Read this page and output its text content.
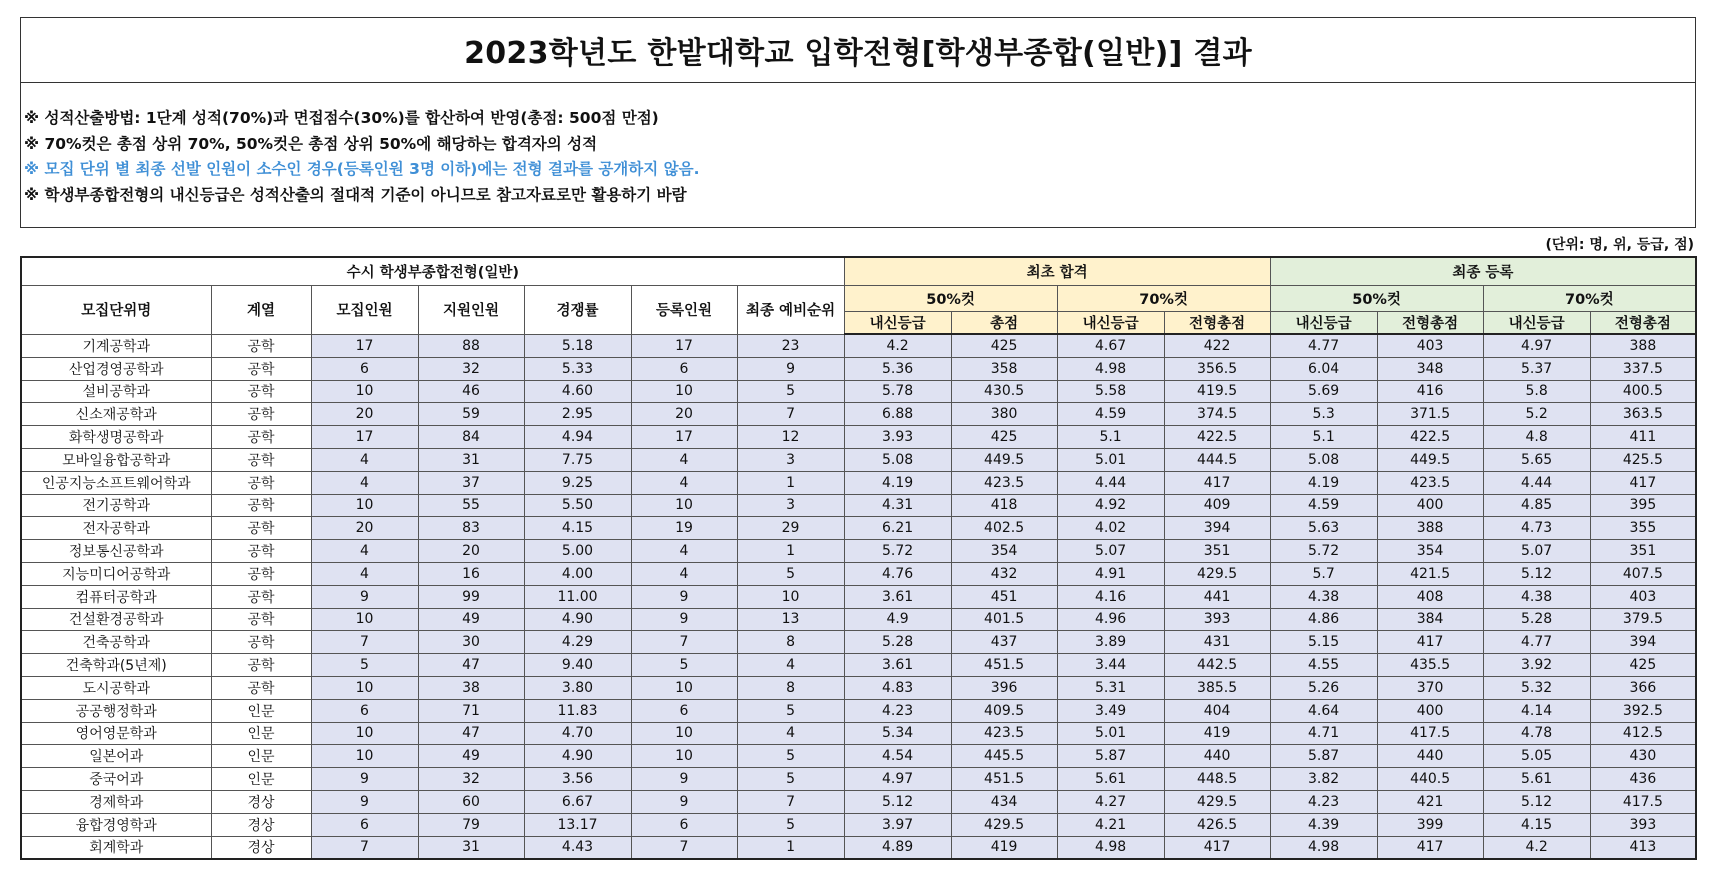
2023학년도 한밭대학교 입학전형[학생부종합(일반)] 결과
※ 성적산출방법: 1단계 성적(70%)과 면접점수(30%)를 합산하여 반영(총점: 500점 만점)
※ 70%컷은 총점 상위 70%, 50%컷은 총점 상위 50%에 해당하는 합격자의 성적
※ 모집 단위 별 최종 선발 인원이 소수인 경우(등록인원 3명 이하)에는 전형 결과를 공개하지 않음.
※ 학생부종합전형의 내신등급은 성적산출의 절대적 기준이 아니므로 참고자료로만 활용하기 바람
(단위: 명, 위, 등급, 점)
수시 학생부종합전형(일반)							최초 합격				최종 등록			
모집단위명	계열	모집인원	지원인원	경쟁률	등록인원	최종 예비순위	50%컷		70%컷		50%컷		70%컷	
							내신등급	총점	내신등급	전형총점	내신등급	전형총점	내신등급	전형총점
기계공학과	공학	17	88	5.18	17	23	4.2	425	4.67	422	4.77	403	4.97	388
산업경영공학과	공학	6	32	5.33	6	9	5.36	358	4.98	356.5	6.04	348	5.37	337.5
설비공학과	공학	10	46	4.60	10	5	5.78	430.5	5.58	419.5	5.69	416	5.8	400.5
신소재공학과	공학	20	59	2.95	20	7	6.88	380	4.59	374.5	5.3	371.5	5.2	363.5
화학생명공학과	공학	17	84	4.94	17	12	3.93	425	5.1	422.5	5.1	422.5	4.8	411
모바일융합공학과	공학	4	31	7.75	4	3	5.08	449.5	5.01	444.5	5.08	449.5	5.65	425.5
인공지능소프트웨어학과	공학	4	37	9.25	4	1	4.19	423.5	4.44	417	4.19	423.5	4.44	417
전기공학과	공학	10	55	5.50	10	3	4.31	418	4.92	409	4.59	400	4.85	395
전자공학과	공학	20	83	4.15	19	29	6.21	402.5	4.02	394	5.63	388	4.73	355
정보통신공학과	공학	4	20	5.00	4	1	5.72	354	5.07	351	5.72	354	5.07	351
지능미디어공학과	공학	4	16	4.00	4	5	4.76	432	4.91	429.5	5.7	421.5	5.12	407.5
컴퓨터공학과	공학	9	99	11.00	9	10	3.61	451	4.16	441	4.38	408	4.38	403
건설환경공학과	공학	10	49	4.90	9	13	4.9	401.5	4.96	393	4.86	384	5.28	379.5
건축공학과	공학	7	30	4.29	7	8	5.28	437	3.89	431	5.15	417	4.77	394
건축학과(5년제)	공학	5	47	9.40	5	4	3.61	451.5	3.44	442.5	4.55	435.5	3.92	425
도시공학과	공학	10	38	3.80	10	8	4.83	396	5.31	385.5	5.26	370	5.32	366
공공행정학과	인문	6	71	11.83	6	5	4.23	409.5	3.49	404	4.64	400	4.14	392.5
영어영문학과	인문	10	47	4.70	10	4	5.34	423.5	5.01	419	4.71	417.5	4.78	412.5
일본어과	인문	10	49	4.90	10	5	4.54	445.5	5.87	440	5.87	440	5.05	430
중국어과	인문	9	32	3.56	9	5	4.97	451.5	5.61	448.5	3.82	440.5	5.61	436
경제학과	경상	9	60	6.67	9	7	5.12	434	4.27	429.5	4.23	421	5.12	417.5
융합경영학과	경상	6	79	13.17	6	5	3.97	429.5	4.21	426.5	4.39	399	4.15	393
회계학과	경상	7	31	4.43	7	1	4.89	419	4.98	417	4.98	417	4.2	413
